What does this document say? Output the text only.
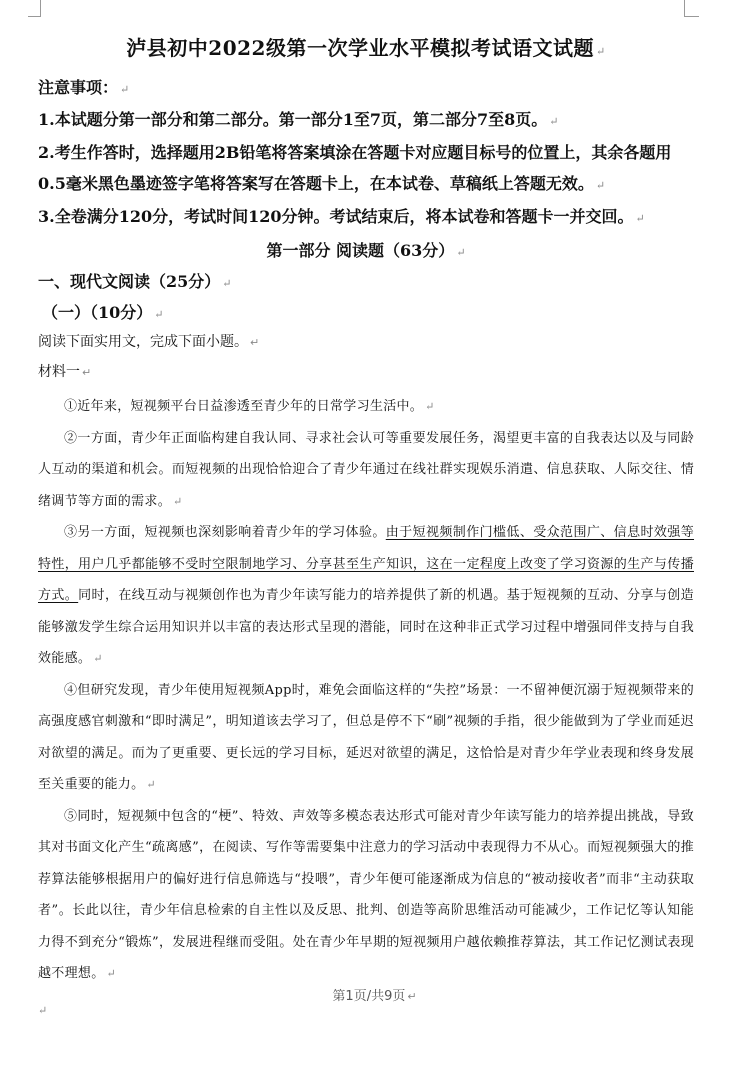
泸县初中2022级第一次学业水平模拟考试语文试题 ↵
注意事项： ↵

1.本试题分第一部分和第二部分。第一部分1至7页，第二部分7至8页。 ↵

2.考生作答时，选择题用2B铅笔将答案填涂在答题卡对应题目标号的位置上，其余各题用0.5毫米黑色墨迹签字笔将答案写在答题卡上，在本试卷、草稿纸上答题无效。 ↵

3.全卷满分120分，考试时间120分钟。考试结束后，将本试卷和答题卡一并交回。 ↵

第一部分 阅读题（63分） ↵
一、现代文阅读（25分） ↵
（一）（10分） ↵
阅读下面实用文，完成下面小题。 ↵
材料一 ↵

①近年来，短视频平台日益渗透至青少年的日常学习生活中。 ↵

②一方面，青少年正面临构建自我认同、寻求社会认可等重要发展任务，渴望更丰富的自我表达以及与同龄人互动的渠道和机会。而短视频的出现恰恰迎合了青少年通过在线社群实现娱乐消遣、信息获取、人际交往、情绪调节等方面的需求。 ↵

③另一方面，短视频也深刻影响着青少年的学习体验。由于短视频制作门槛低、受众范围广、信息时效强等特性，用户几乎都能够不受时空限制地学习、分享甚至生产知识，这在一定程度上改变了学习资源的生产与传播方式。同时，在线互动与视频创作也为青少年读写能力的培养提供了新的机遇。基于短视频的互动、分享与创造能够激发学生综合运用知识并以丰富的表达形式呈现的潜能，同时在这种非正式学习过程中增强同伴支持与自我效能感。 ↵

④但研究发现，青少年使用短视频App时，难免会面临这样的“失控”场景：一不留神便沉溺于短视频带来的高强度感官刺激和“即时满足”，明知道该去学习了，但总是停不下“刷”视频的手指，很少能做到为了学业而延迟对欲望的满足。而为了更重要、更长远的学习目标，延迟对欲望的满足，这恰恰是对青少年学业表现和终身发展至关重要的能力。 ↵

⑤同时，短视频中包含的“梗”、特效、声效等多模态表达形式可能对青少年读写能力的培养提出挑战，导致其对书面文化产生“疏离感”，在阅读、写作等需要集中注意力的学习活动中表现得力不从心。而短视频强大的推荐算法能够根据用户的偏好进行信息筛选与“投喂”，青少年便可能逐渐成为信息的“被动接收者”而非“主动获取者”。长此以往，青少年信息检索的自主性以及反思、批判、创造等高阶思维活动可能减少，工作记忆等认知能力得不到充分“锻炼”，发展进程继而受阻。处在青少年早期的短视频用户越依赖推荐算法，其工作记忆测试表现越不理想。 ↵

第1页/共9页 ↵
↵
